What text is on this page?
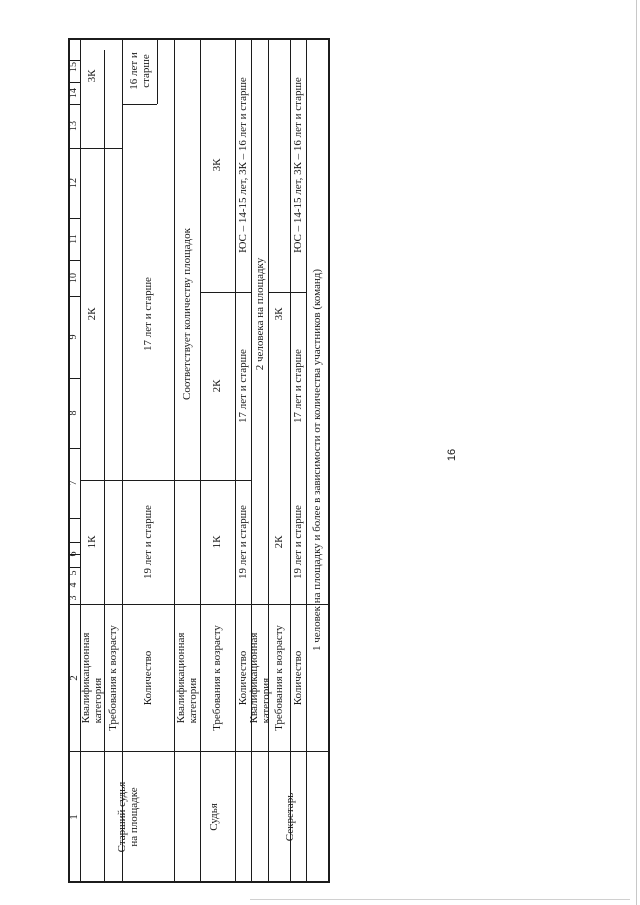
16
1
2
3
4
5
6
7
8
9
10
11
12
13
14
15
Старший судья
на площадке	Судья	Секретарь
Квалификационная
категория Требования к возрасту Количество Квалификационная
категория Требования к возрасту Количество Квалификационная
категория Требования к возрасту Количество
1К
2К
3К
19 лет и старше
17 лет и старше
16 лет и
старше
Соответствует количеству площадок
1К
2К
3К
19 лет и старше
17 лет и старше
ЮС – 14-15 лет, 3К – 16 лет и старше
2 человека на площадку
2К
3К
19 лет и старше
17 лет и старше
ЮС – 14-15 лет, 3К – 16 лет и старше
1 человек на площадку и более в зависимости от количества участников (команд)
